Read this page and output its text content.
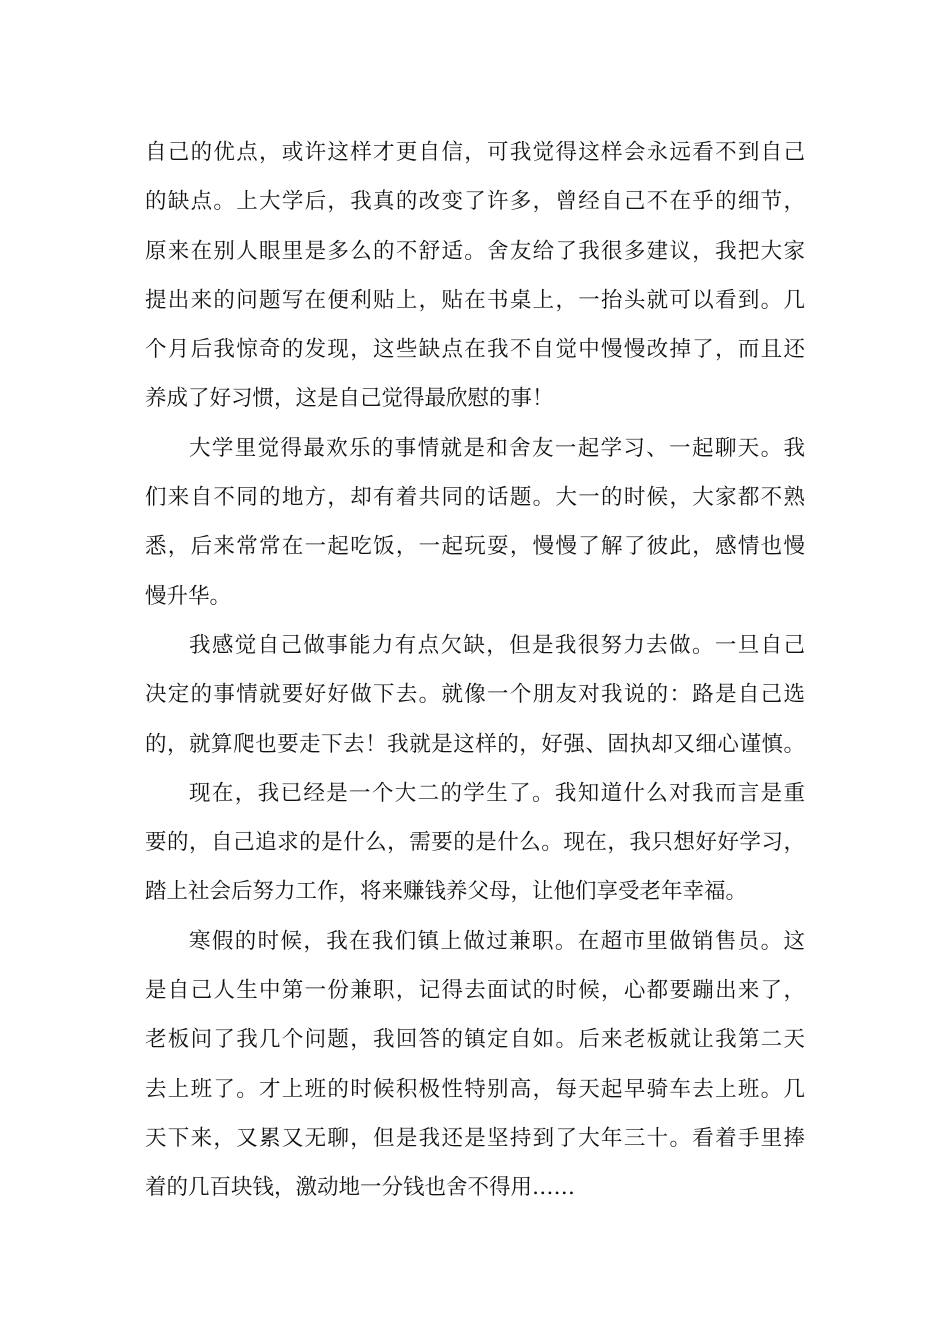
自己的优点，或许这样才更自信，可我觉得这样会永远看不到自己
的缺点。上大学后，我真的改变了许多，曾经自己不在乎的细节，
原来在别人眼里是多么的不舒适。舍友给了我很多建议，我把大家
提出来的问题写在便利贴上，贴在书桌上，一抬头就可以看到。几
个月后我惊奇的发现，这些缺点在我不自觉中慢慢改掉了，而且还
养成了好习惯，这是自己觉得最欣慰的事！
大学里觉得最欢乐的事情就是和舍友一起学习、一起聊天。我
们来自不同的地方，却有着共同的话题。大一的时候，大家都不熟
悉，后来常常在一起吃饭，一起玩耍，慢慢了解了彼此，感情也慢
慢升华。
我感觉自己做事能力有点欠缺，但是我很努力去做。一旦自己
决定的事情就要好好做下去。就像一个朋友对我说的：路是自己选
的，就算爬也要走下去！我就是这样的，好强、固执却又细心谨慎。
现在，我已经是一个大二的学生了。我知道什么对我而言是重
要的，自己追求的是什么，需要的是什么。现在，我只想好好学习，
踏上社会后努力工作，将来赚钱养父母，让他们享受老年幸福。
寒假的时候，我在我们镇上做过兼职。在超市里做销售员。这
是自己人生中第一份兼职，记得去面试的时候，心都要蹦出来了，
老板问了我几个问题，我回答的镇定自如。后来老板就让我第二天
去上班了。才上班的时候积极性特别高，每天起早骑车去上班。几
天下来，又累又无聊，但是我还是坚持到了大年三十。看着手里捧
着的几百块钱，激动地一分钱也舍不得用……
